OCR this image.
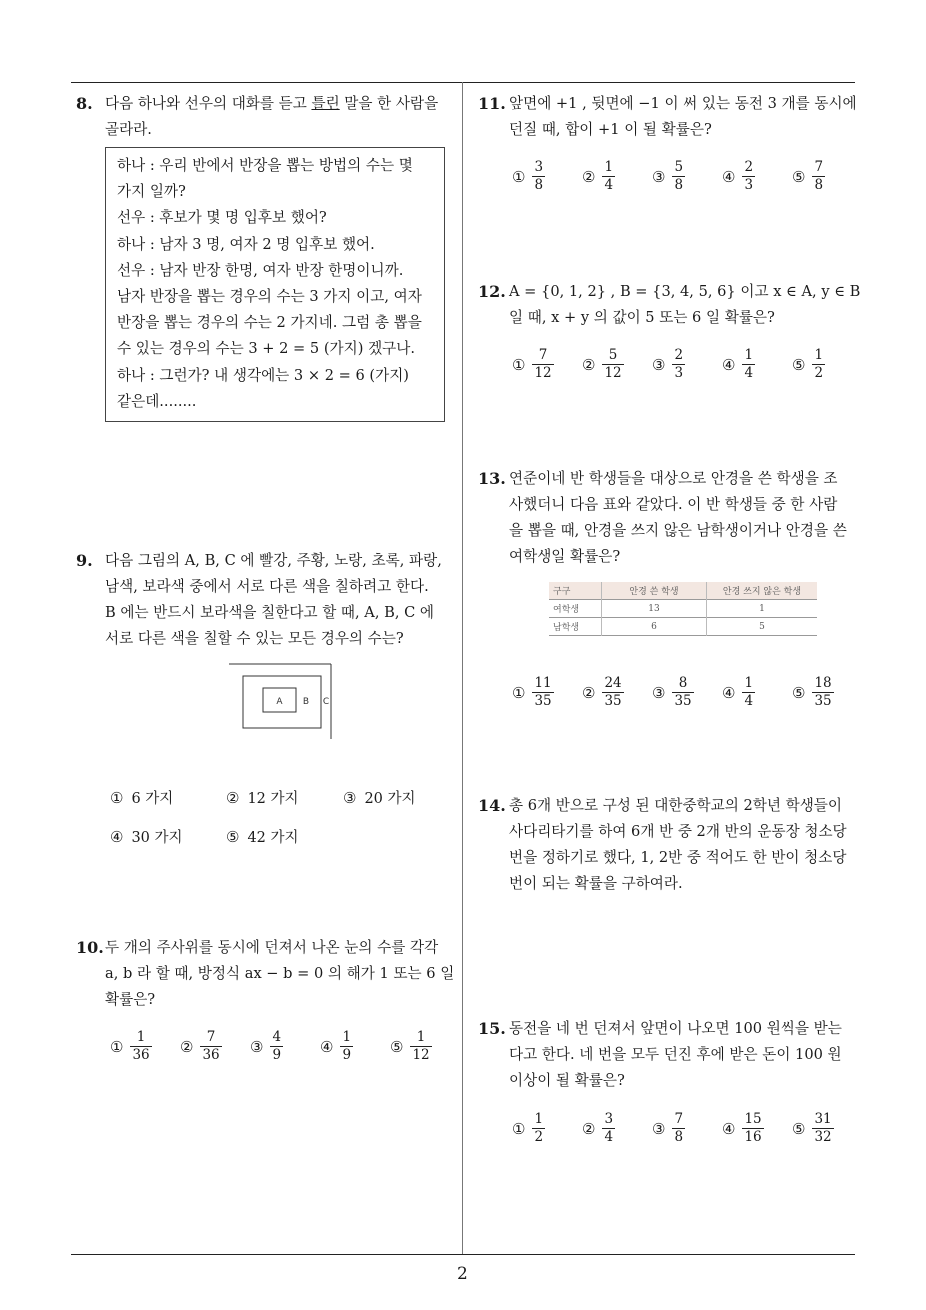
8. 다음 하나와 선우의 대화를 듣고 틀린 말을 한 사람을

골라라.

하나 : 우리 반에서 반장을 뽑는 방법의 수는 몇

가지 일까?

선우 : 후보가 몇 명 입후보 했어?

하나 : 남자 3 명, 여자 2 명 입후보 했어.

선우 : 남자 반장 한명, 여자 반장 한명이니까.

남자 반장을 뽑는 경우의 수는 3 가지 이고, 여자

반장을 뽑는 경우의 수는 2 가지네. 그럼 총 뽑을

수 있는 경우의 수는 3 + 2 = 5 (가지) 겠구나.

하나 : 그런가? 내 생각에는 3 × 2 = 6 (가지)

같은데........

9. 다음 그림의 A, B, C 에 빨강, 주황, 노랑, 초록, 파랑,

남색, 보라색 중에서 서로 다른 색을 칠하려고 한다.

B 에는 반드시 보라색을 칠한다고 할 때, A, B, C 에

서로 다른 색을 칠할 수 있는 모든 경우의 수는?

A B C
① 6 가지	② 12 가지	③ 20 가지
④ 30 가지	⑤ 42 가지
10. 두 개의 주사위를 동시에 던져서 나온 눈의 수를 각각

a, b 라 할 때, 방정식 ax − b = 0 의 해가 1 또는 6 일

확률은?

① $\frac{1}{36}$ ② $\frac{7}{36}$ ③ $\frac{4}{9}$ ④ $\frac{1}{9}$ ⑤ $\frac{1}{12}$
11. 앞면에 +1 , 뒷면에 −1 이 써 있는 동전 3 개를 동시에

던질 때, 합이 +1 이 될 확률은?

① $\frac{3}{8}$ ② $\frac{1}{4}$ ③ $\frac{5}{8}$ ④ $\frac{2}{3}$ ⑤ $\frac{7}{8}$
12. A = {0, 1, 2} , B = {3, 4, 5, 6} 이고 x ∈ A, y ∈ B

일 때, x + y 의 값이 5 또는 6 일 확률은?

① $\frac{7}{12}$ ② $\frac{5}{12}$ ③ $\frac{2}{3}$ ④ $\frac{1}{4}$ ⑤ $\frac{1}{2}$
13. 연준이네 반 학생들을 대상으로 안경을 쓴 학생을 조

사했더니 다음 표와 같았다. 이 반 학생들 중 한 사람

을 뽑을 때, 안경을 쓰지 않은 남학생이거나 안경을 쓴

여학생일 확률은?

구구	안경 쓴 학생	안경 쓰지 않은 학생
여학생	13	1
남학생	6	5
① $\frac{11}{35}$ ② $\frac{24}{35}$ ③ $\frac{8}{35}$ ④ $\frac{1}{4}$ ⑤ $\frac{18}{35}$
14. 총 6개 반으로 구성 된 대한중학교의 2학년 학생들이

사다리타기를 하여 6개 반 중 2개 반의 운동장 청소당

번을 정하기로 했다, 1, 2반 중 적어도 한 반이 청소당

번이 되는 확률을 구하여라.

15. 동전을 네 번 던져서 앞면이 나오면 100 원씩을 받는

다고 한다. 네 번을 모두 던진 후에 받은 돈이 100 원

이상이 될 확률은?

① $\frac{1}{2}$ ② $\frac{3}{4}$ ③ $\frac{7}{8}$ ④ $\frac{15}{16}$ ⑤ $\frac{31}{32}$
2
